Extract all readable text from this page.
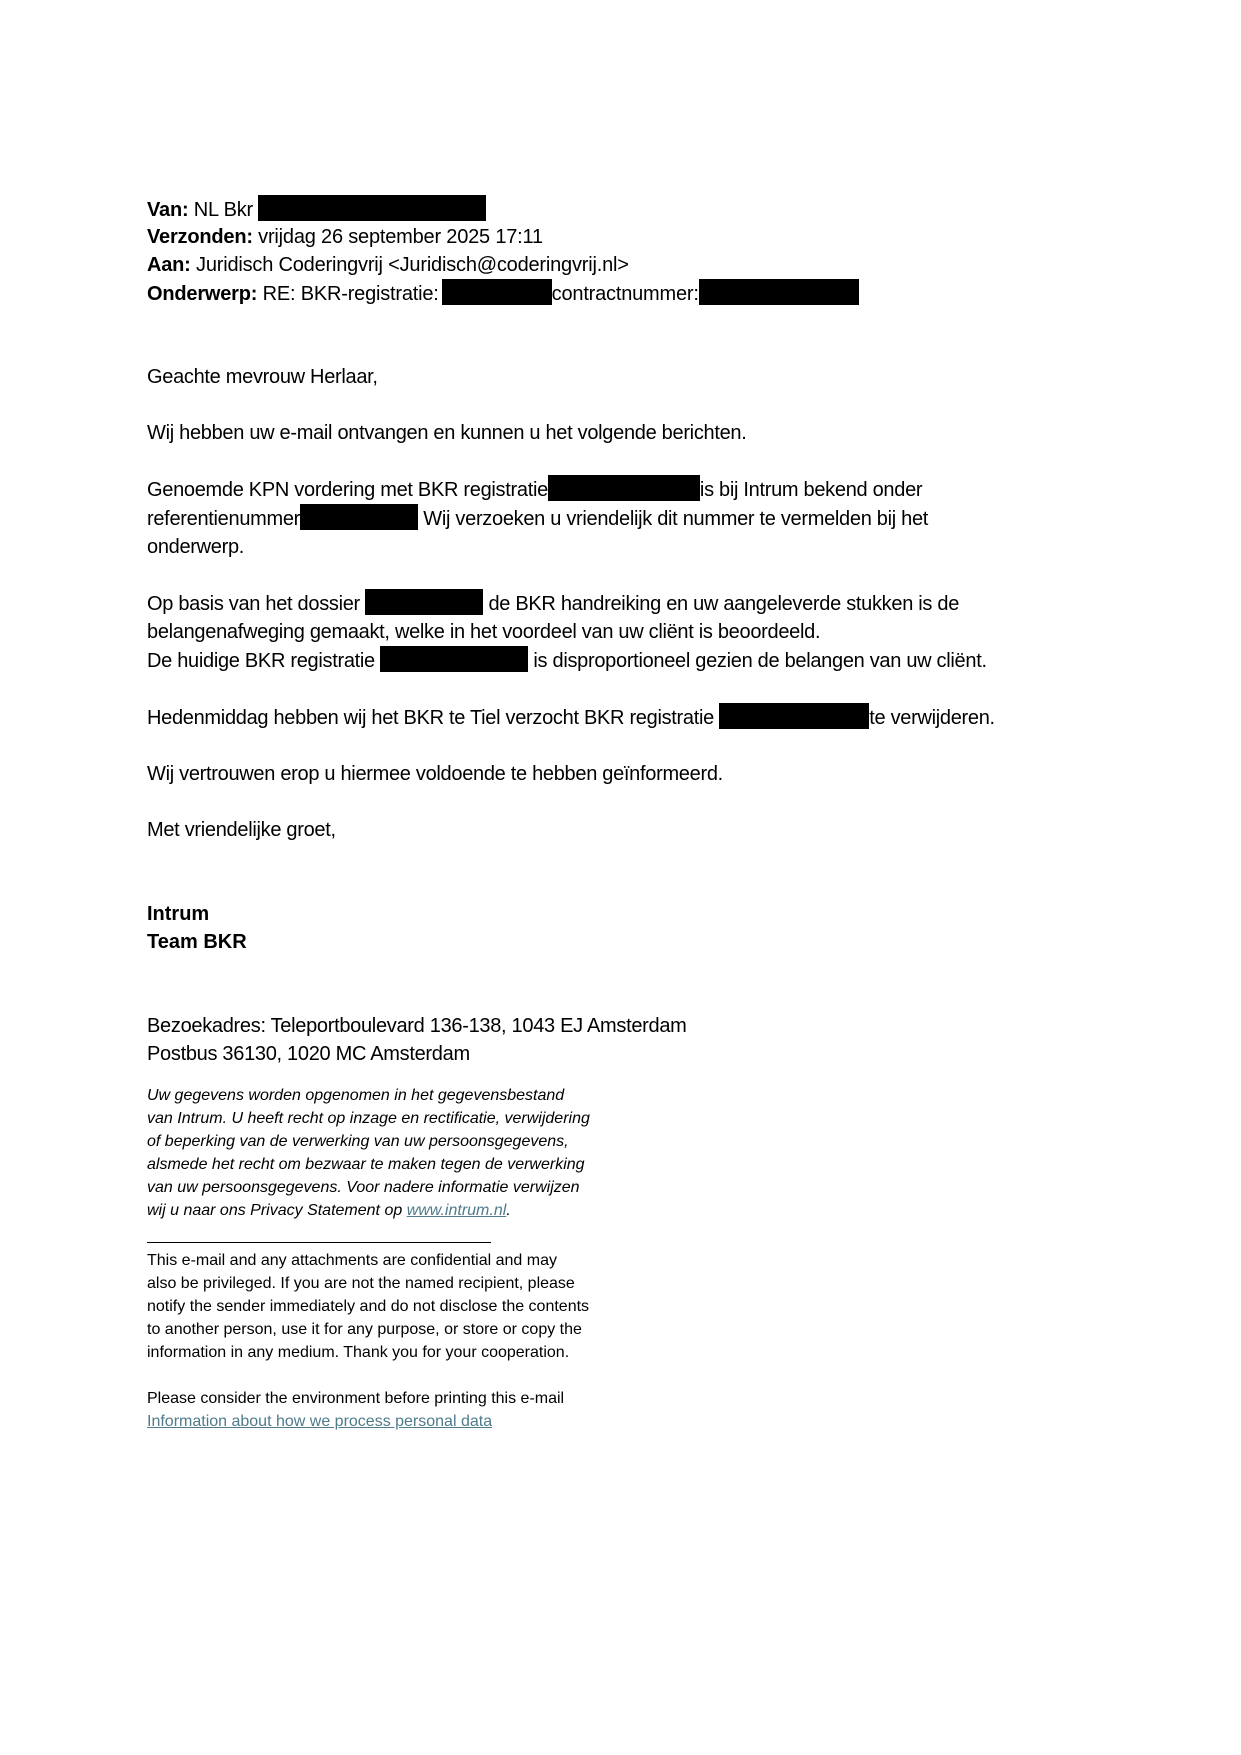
Van: NL Bkr
Verzonden: vrijdag 26 september 2025 17:11
Aan: Juridisch Coderingvrij <Juridisch@coderingvrij.nl>
Onderwerp: RE: BKR-registratie:	contractnummer:

Geachte mevrouw Herlaar,

Wij hebben uw e-mail ontvangen en kunnen u het volgende berichten.

Genoemde KPN vordering met BKR registratie	is bij Intrum bekend onder
referentienummer	Wij verzoeken u vriendelijk dit nummer te vermelden bij het
onderwerp.

Op basis van het dossier	de BKR handreiking en uw aangeleverde stukken is de
belangenafweging gemaakt, welke in het voordeel van uw cliënt is beoordeeld.
De huidige BKR registratie	is disproportioneel gezien de belangen van uw cliënt.

Hedenmiddag hebben wij het BKR te Tiel verzocht BKR registratie	te verwijderen.

Wij vertrouwen erop u hiermee voldoende te hebben geïnformeerd.

Met vriendelijke groet,

Intrum
Team BKR
Bezoekadres: Teleportboulevard 136-138, 1043 EJ Amsterdam
Postbus 36130, 1020 MC Amsterdam
Uw gegevens worden opgenomen in het gegevensbestand
van Intrum. U heeft recht op inzage en rectificatie, verwijdering
of beperking van de verwerking van uw persoonsgegevens,
alsmede het recht om bezwaar te maken tegen de verwerking
van uw persoonsgegevens. Voor nadere informatie verwijzen
wij u naar ons Privacy Statement op www.intrum.nl.
This e-mail and any attachments are confidential and may
also be privileged. If you are not the named recipient, please
notify the sender immediately and do not disclose the contents
to another person, use it for any purpose, or store or copy the
information in any medium. Thank you for your cooperation.
Please consider the environment before printing this e-mail
Information about how we process personal data
